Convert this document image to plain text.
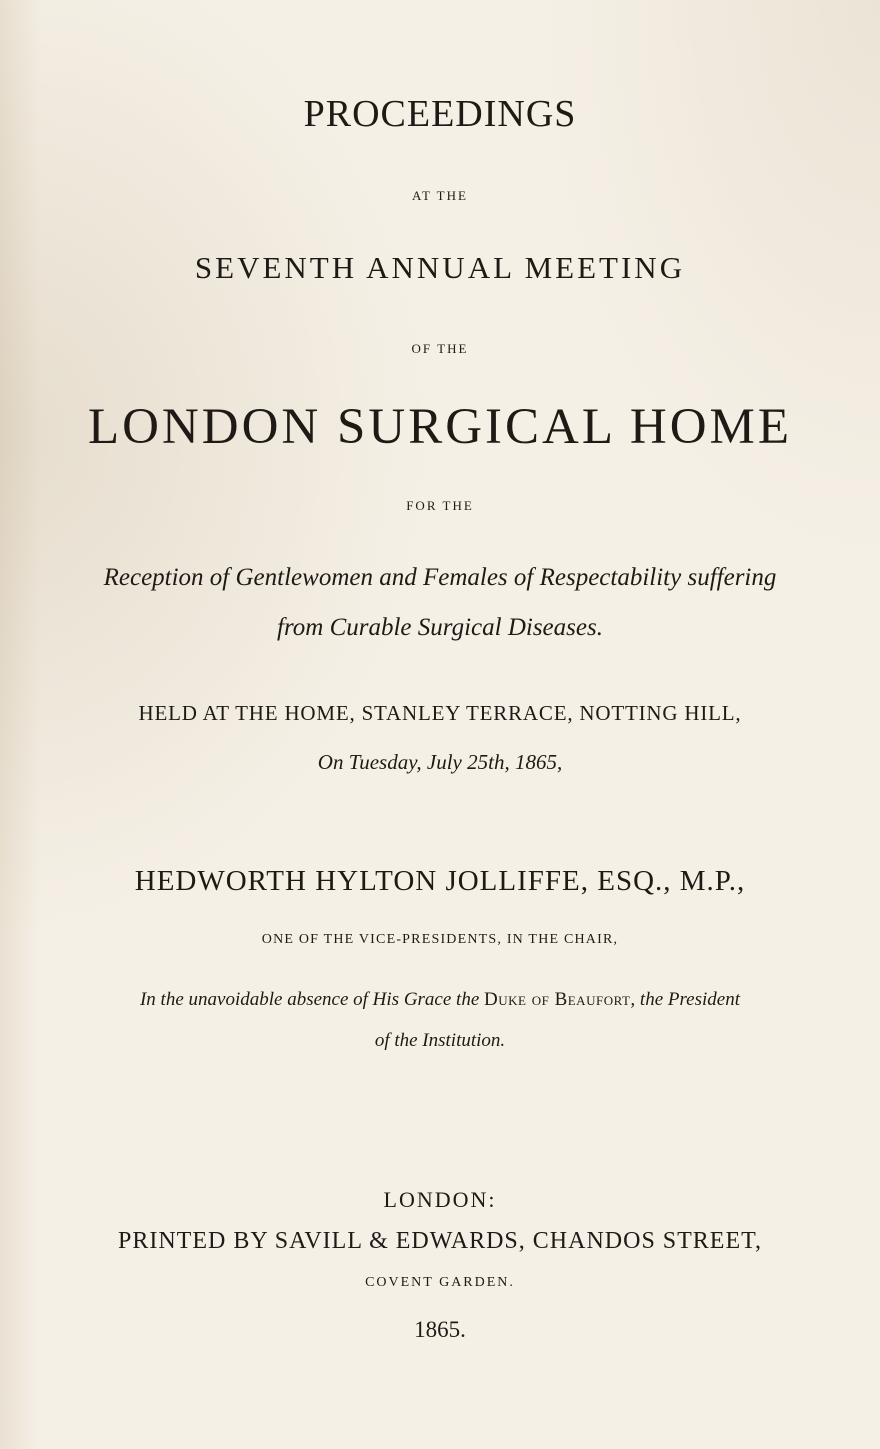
PROCEEDINGS
AT THE
SEVENTH ANNUAL MEETING
OF THE
LONDON SURGICAL HOME
FOR THE
Reception of Gentlewomen and Females of Respectability suffering
from Curable Surgical Diseases.
HELD AT THE HOME, STANLEY TERRACE, NOTTING HILL,
On Tuesday, July 25th, 1865,
HEDWORTH HYLTON JOLLIFFE, ESQ., M.P.,
ONE OF THE VICE-PRESIDENTS, IN THE CHAIR,
In the unavoidable absence of His Grace the Duke of Beaufort, the President
of the Institution.
LONDON:
PRINTED BY SAVILL & EDWARDS, CHANDOS STREET,
COVENT GARDEN.
1865.
